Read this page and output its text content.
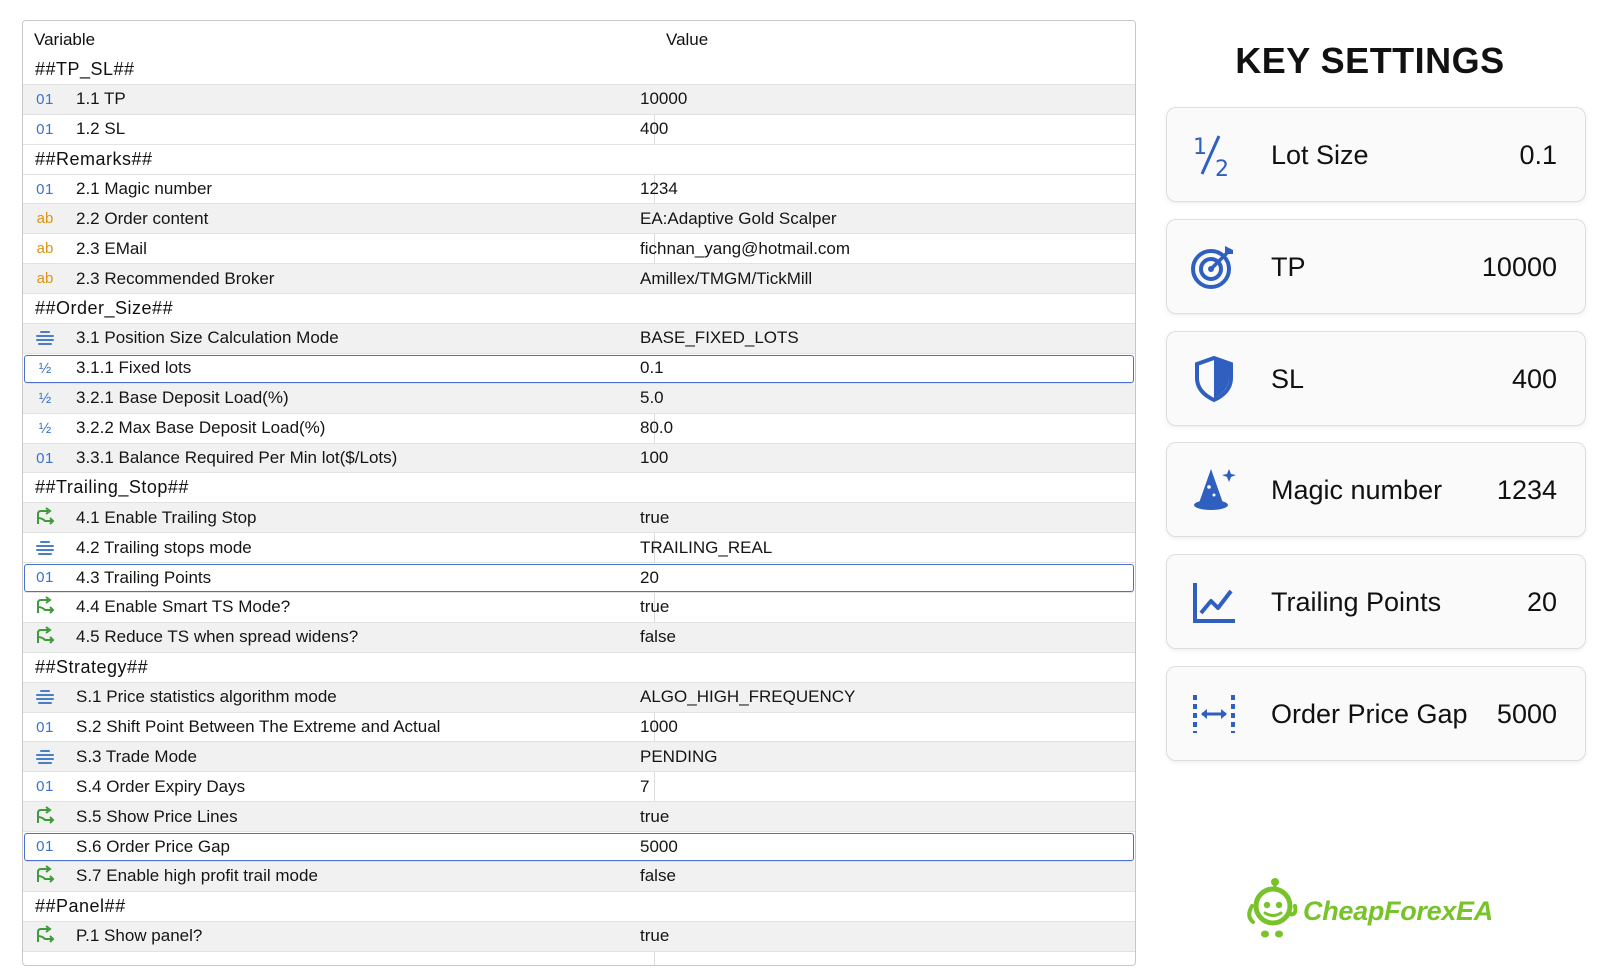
Variable	Value
##TP_SL##
01	1.1 TP	10000
01	1.2 SL	400
##Remarks##
01	2.1 Magic number	1234
ab	2.2 Order content	EA:Adaptive Gold Scalper
ab	2.3 EMail	fichnan_yang@hotmail.com
ab	2.3 Recommended Broker	Amillex/TMGM/TickMill
##Order_Size##
3.1 Position Size Calculation Mode	BASE_FIXED_LOTS
½	3.1.1 Fixed lots	0.1
½	3.2.1 Base Deposit Load(%)	5.0
½	3.2.2 Max Base Deposit Load(%)	80.0
01	3.3.1 Balance Required Per Min lot($/Lots)	100
##Trailing_Stop##
4.1 Enable Trailing Stop	true
4.2 Trailing stops mode	TRAILING_REAL
01	4.3 Trailing Points	20
4.4 Enable Smart TS Mode?	true
4.5 Reduce TS when spread widens?	false
##Strategy##
S.1 Price statistics algorithm mode	ALGO_HIGH_FREQUENCY
01	S.2 Shift Point Between The Extreme and Actual	1000
S.3 Trade Mode	PENDING
01	S.4 Order Expiry Days	7
S.5 Show Price Lines	true
01	S.6 Order Price Gap	5000
S.7 Enable high profit trail mode	false
##Panel##
P.1 Show panel?	true
KEY SETTINGS
1
2 Lot Size	0.1
TP	10000
SL	400
Magic number 1234
Trailing Points	20
Order Price Gap 5000
CheapForexEA
